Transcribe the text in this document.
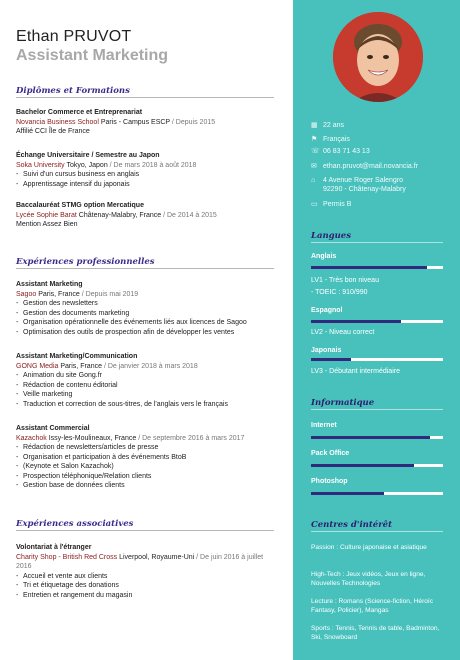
Ethan PRUVOT
Assistant Marketing
Diplômes et Formations
Bachelor Commerce et Entreprenariat
Novancia Business School Paris - Campus ESCP / Depuis 2015
Affilié CCI Île de France
Échange Universitaire / Semestre au Japon
Soka University Tokyo, Japon / De mars 2018 à août 2018
- Suivi d'un cursus business en anglais
- Apprentissage intensif du japonais
Baccalauréat STMG option Mercatique
Lycée Sophie Barat Châtenay-Malabry, France / De 2014 à 2015
Mention Assez Bien
Expériences professionnelles
Assistant Marketing
Sagoo Paris, France / Depuis mai 2019
- Gestion des newsletters
- Gestion des documents marketing
- Organisation opérationnelle des événements liés aux licences de Sagoo
- Optimisation des outils de prospection afin de développer les ventes
Assistant Marketing/Communication
GONG Media Paris, France / De janvier 2018 à mars 2018
- Animation du site Gong.fr
- Rédaction de contenu éditorial
- Veille marketing
- Traduction et correction de sous-titres, de l'anglais vers le français
Assistant Commercial
Kazachok Issy-les-Moulineaux, France / De septembre 2016 à mars 2017
- Rédaction de newsletters/articles de presse
- Organisation et participation à des événements BtoB
- (Keynote et Salon Kazachok)
- Prospection téléphonique/Relation clients
- Gestion base de données clients
Expériences associatives
Volontariat à l'étranger
Charity Shop - British Red Cross Liverpool, Royaume-Uni / De juin 2016 à juillet 2016
- Accueil et vente aux clients
- Tri et étiquetage des donations
- Entretien et rangement du magasin
▦ 22 ans
⚑ Français
☏ 06 83 71 43 13
✉ ethan.pruvot@mail.novancia.fr
⌂	4 Avenue Roger Salengro
92290 - Châtenay-Malabry
▭ Permis B
Langues
Anglais
LV1 - Très bon niveau
- TOEIC : 910/990
Espagnol
LV2 - Niveau correct
Japonais
LV3 - Débutant intermédiaire
Informatique
Internet
Pack Office
Photoshop
Centres d'intérêt
Passion : Culture japonaise et asiatique
High-Tech : Jeux vidéos, Jeux en ligne, Nouvelles Technologies
Lecture : Romans (Science-fiction, Héroïc Fantasy, Policier), Mangas
Sports : Tennis, Tennis de table, Badminton, Ski, Snowboard
